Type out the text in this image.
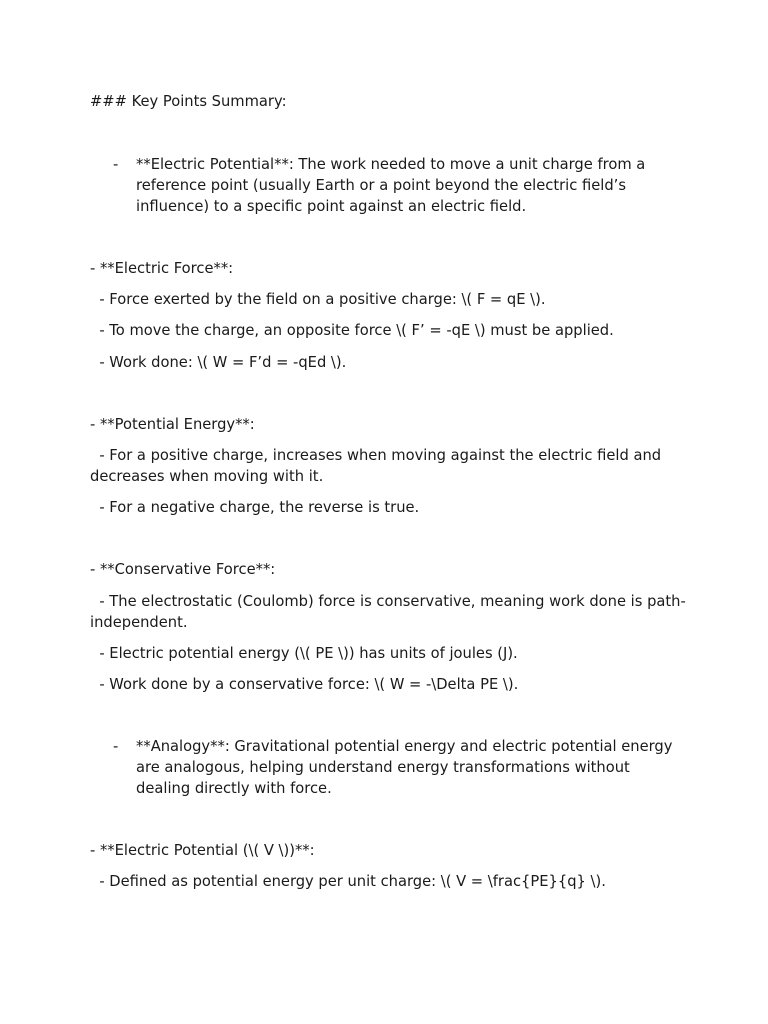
### Key Points Summary:

- **Electric Potential**: The work needed to move a unit charge from a reference point (usually Earth or a point beyond the electric field’s influence) to a specific point against an electric field.

- **Electric Force**:

- Force exerted by the field on a positive charge: \( F = qE \).

- To move the charge, an opposite force \( F’ = -qE \) must be applied.

- Work done: \( W = F’d = -qEd \).

- **Potential Energy**:

- For a positive charge, increases when moving against the electric field and decreases when moving with it.

- For a negative charge, the reverse is true.

- **Conservative Force**:

- The electrostatic (Coulomb) force is conservative, meaning work done is path-independent.

- Electric potential energy (\( PE \)) has units of joules (J).

- Work done by a conservative force: \( W = -\Delta PE \).

- **Analogy**: Gravitational potential energy and electric potential energy are analogous, helping understand energy transformations without dealing directly with force.

- **Electric Potential (\( V \))**:

- Defined as potential energy per unit charge: \( V = \frac{PE}{q} \).
